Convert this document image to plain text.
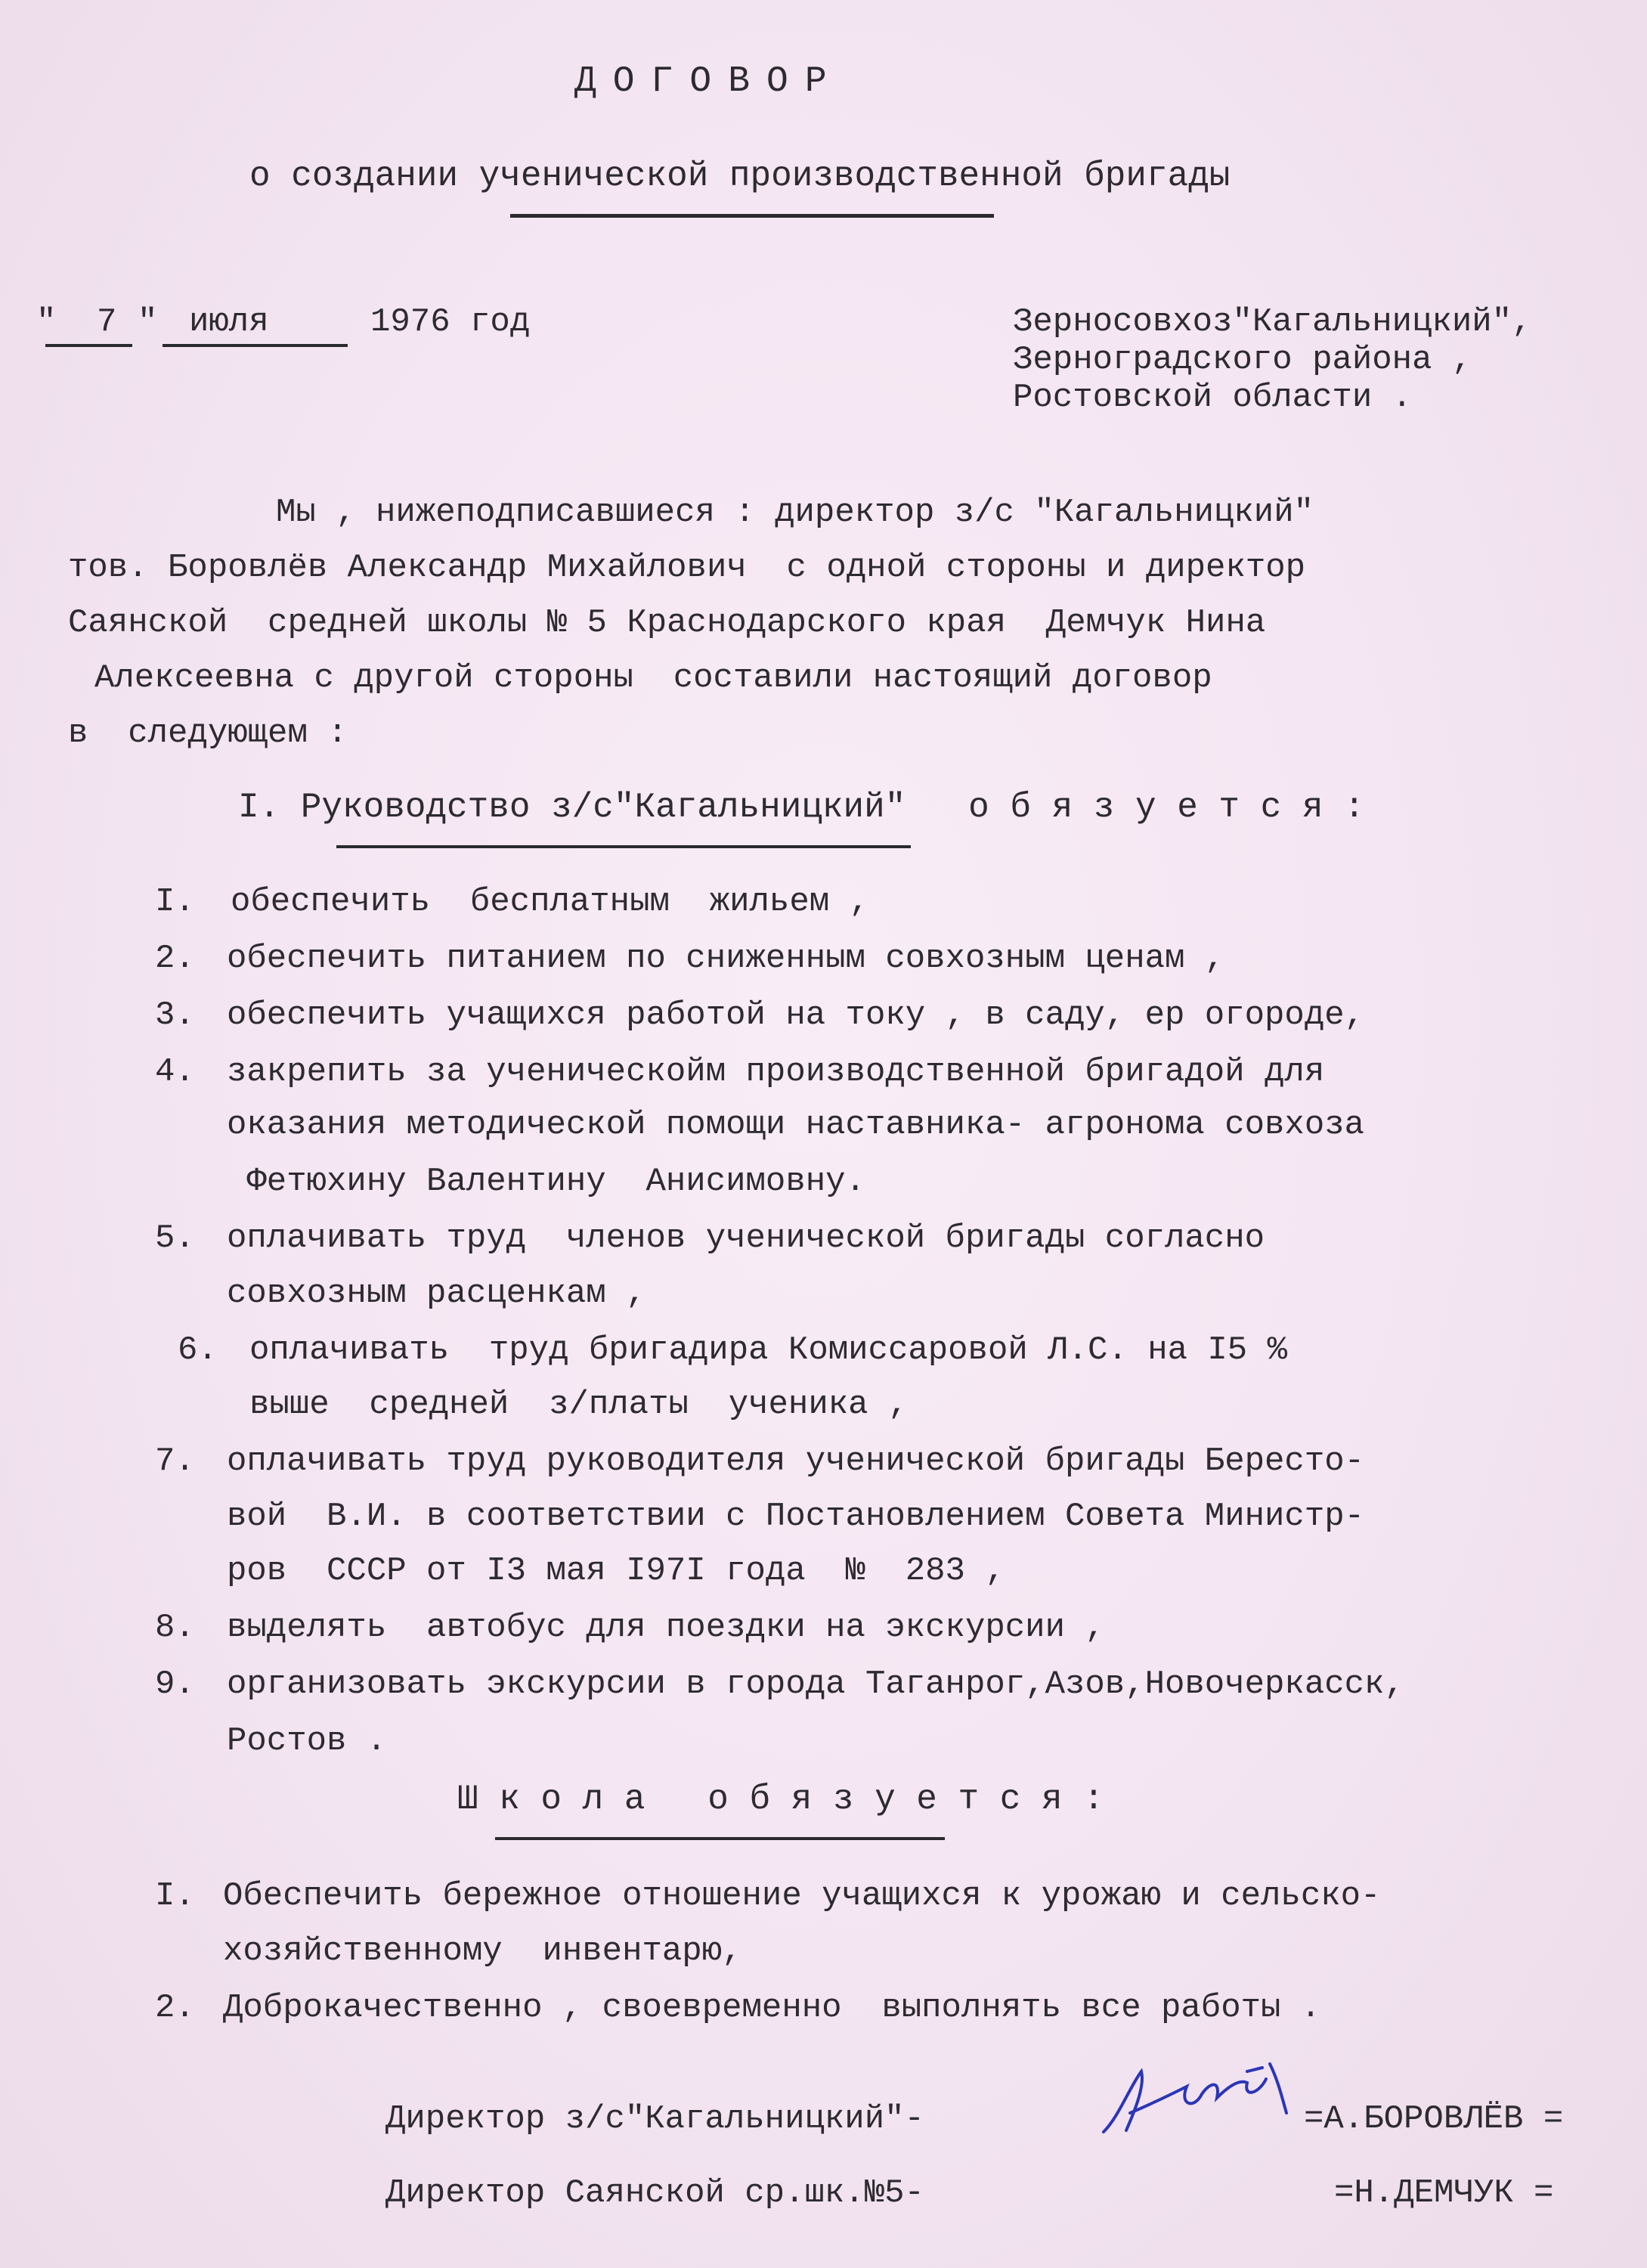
ДОГОВОР
о создании ученической производственной бригады
" 7 " июля	1976 год	Зерносовхоз"Кагальницкий",
Зерноградского района ,
Ростовской области .
Мы , нижеподписавшиеся : директор з/с "Кагальницкий"
тов. Боровлёв Александр Михайлович  с одной стороны и директор
Саянской  средней школы № 5 Краснодарского края  Демчук Нина
Алексеевна с другой стороны  составили настоящий договор
в  следующем :
I. Руководство з/с"Кагальницкий"   о б я з у е т с я :
I. обеспечить  бесплатным  жильем ,
2. обеспечить питанием по сниженным совхозным ценам ,
3. обеспечить учащихся работой на току , в саду, ер огороде,
4. закрепить за ученическойм производственной бригадой для
оказания методической помощи наставника- агронома совхоза
Фетюхину Валентину  Анисимовну.
5. оплачивать труд  членов ученической бригады согласно
совхозным расценкам ,
6. оплачивать  труд бригадира Комиссаровой Л.С. на I5 %
выше  средней  з/платы  ученика ,
7. оплачивать труд руководителя ученической бригады Бересто-
вой  В.И. в соответствии с Постановлением Совета Министр-
ров  СССР от I3 мая I97I года  №  283 ,
8. выделять  автобус для поездки на экскурсии ,
9. организовать экскурсии в города Таганрог,Азов,Новочеркасск,
Ростов .
Ш к о л а   о б я з у е т с я :
I. Обеспечить бережное отношение учащихся к урожаю и сельско-
хозяйственному  инвентарю,
2. Доброкачественно , своевременно  выполнять все работы .
Директор з/с"Кагальницкий"-	=А.БОРОВЛЁВ =
Директор Саянской ср.шк.№5-	=Н.ДЕМЧУК =
